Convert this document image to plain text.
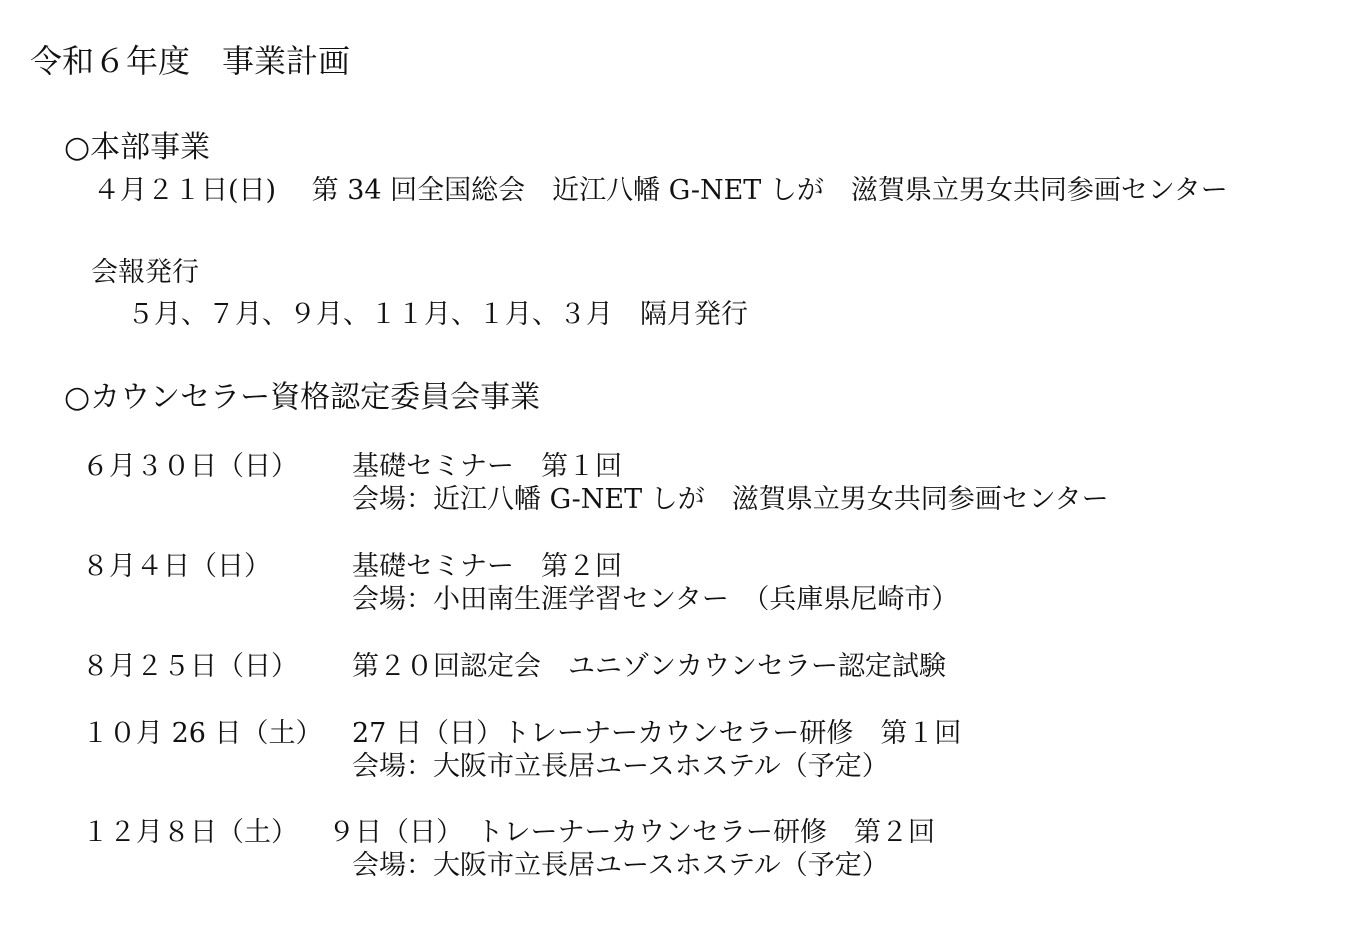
令和６年度　事業計画
○本部事業
４月２１日(日)　 第 34 回全国総会　近江八幡 G-NET しが　滋賀県立男女共同参画センター
会報発行
５月、７月、９月、１１月、１月、３月　隔月発行
○カウンセラー資格認定委員会事業
６月３０日（日） 基礎セミナー　第１回
会場：近江八幡 G-NET しが　滋賀県立男女共同参画センター
８月４日（日）	基礎セミナー　第２回
会場：小田南生涯学習センター　（兵庫県尼崎市）
８月２５日（日） 第２０回認定会　ユニゾンカウンセラー認定試験
１０月 26 日（土） 27 日（日）トレーナーカウンセラー研修　第１回
会場：大阪市立長居ユースホステル（予定）
１２月８日（土） ９日（日）　トレーナーカウンセラー研修　第２回
会場：大阪市立長居ユースホステル（予定）
